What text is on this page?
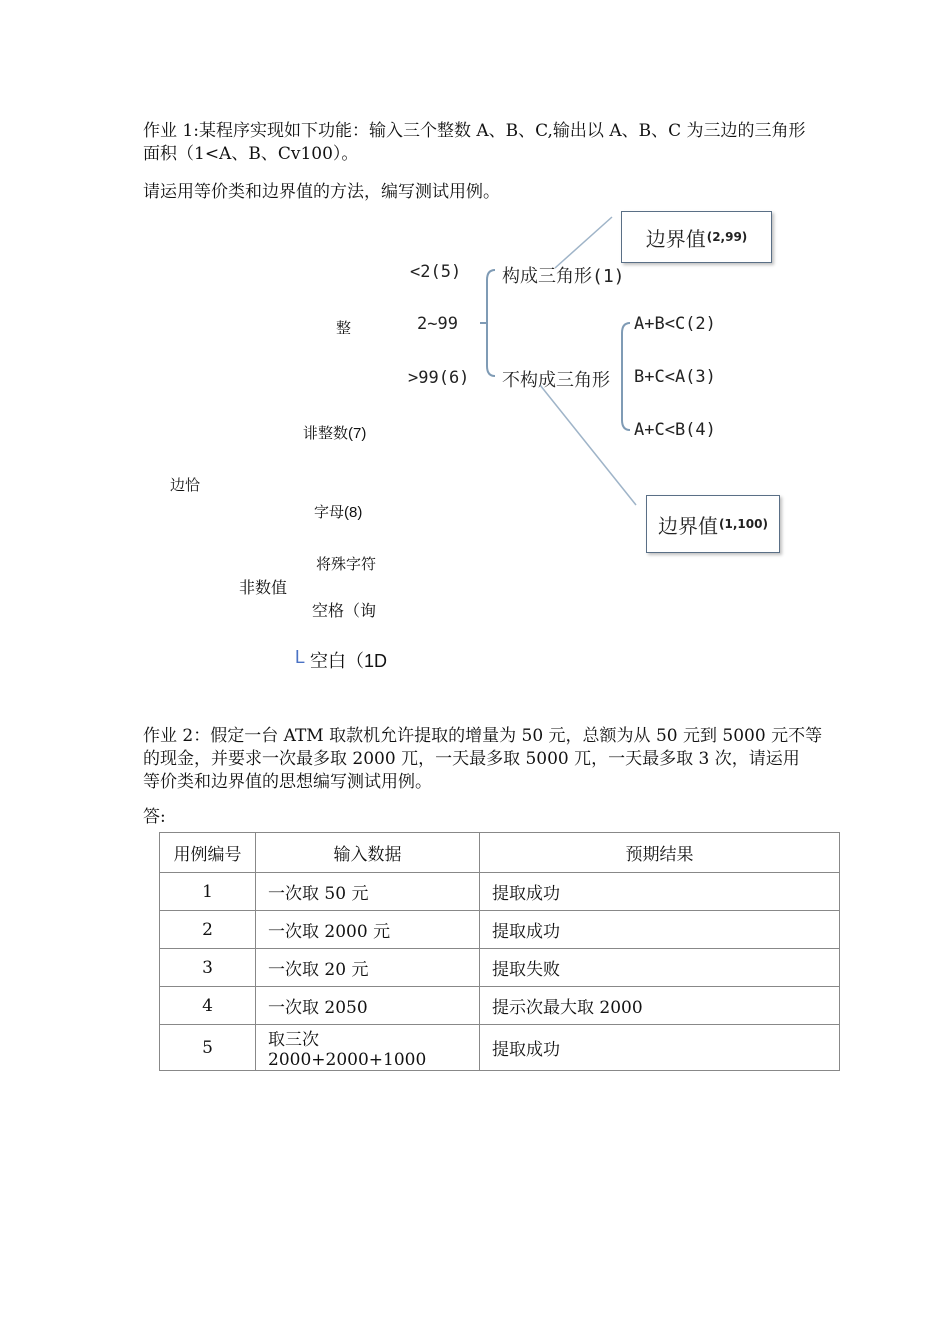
作业 1:某程序实现如下功能：输入三个整数 A、B、C,输出以 A、B、C 为三边的三角形
面积（1<A、B、Cv100）。
请运用等价类和边界值的方法，编写测试用例。
<2(5)
2~99
>99(6)
构成三角形(1)
不构成三角形
A+B<C(2)
B+C<A(3)
A+C<B(4)
边界值 (2,99)
边界值 (1,100)
整
诽整数(7)
边恰
字母(8)
将殊字符
非数值
空格（询
L 空白（1D
作业 2：假定一台 ATM 取款机允许提取的增量为 50 元，总额为从 50 元到 5000 元不等
的现金，并要求一次最多取 2000 兀，一天最多取 5000 兀，一天最多取 3 次，请运用
等价类和边界值的思想编写测试用例。
答:
用例编号	输入数据	预期结果
1	一次取 50 元	提取成功
2	一次取 2000 元	提取成功
3	一次取 20 元	提取失败
4	一次取 2050	提示次最大取 2000
5	取三次 2000+2000+1000	提取成功
